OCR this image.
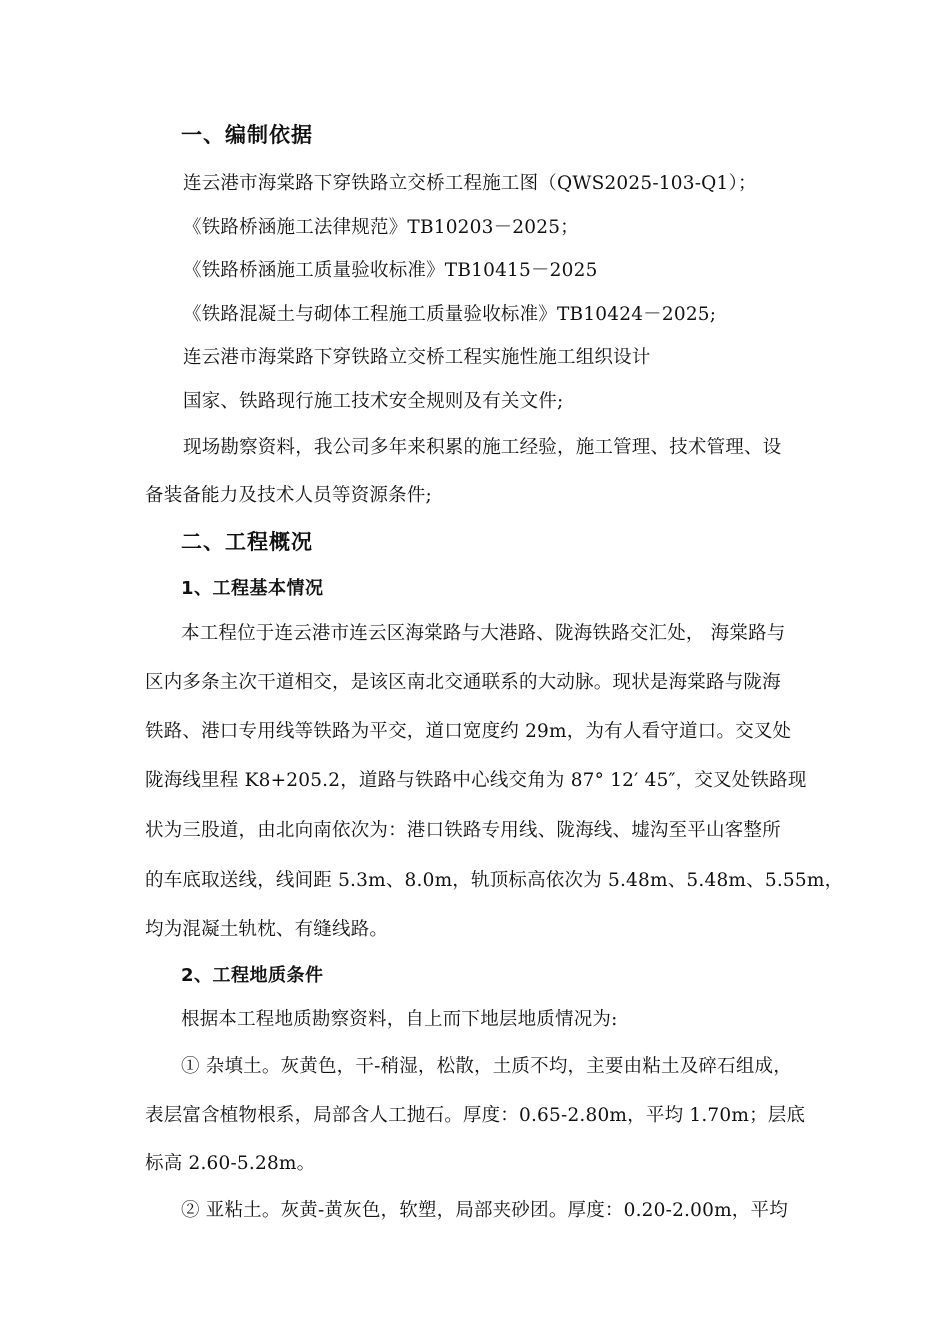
一、编制依据
连云港市海棠路下穿铁路立交桥工程施工图（QWS2025-103-Q1）；
《铁路桥涵施工法律规范》TB10203－2025；
《铁路桥涵施工质量验收标准》TB10415－2025
《铁路混凝土与砌体工程施工质量验收标准》TB10424－2025;
连云港市海棠路下穿铁路立交桥工程实施性施工组织设计
国家、铁路现行施工技术安全规则及有关文件;
现场勘察资料，我公司多年来积累的施工经验，施工管理、技术管理、设
备装备能力及技术人员等资源条件;
二、工程概况
1、工程基本情况
本工程位于连云港市连云区海棠路与大港路、陇海铁路交汇处， 海棠路与
区内多条主次干道相交，是该区南北交通联系的大动脉。现状是海棠路与陇海
铁路、港口专用线等铁路为平交，道口宽度约 29m，为有人看守道口。交叉处
陇海线里程 K8+205.2，道路与铁路中心线交角为 87° 12′ 45″，交叉处铁路现
状为三股道，由北向南依次为：港口铁路专用线、陇海线、墟沟至平山客整所
的车底取送线，线间距 5.3m、8.0m，轨顶标高依次为 5.48m、5.48m、5.55m，
均为混凝土轨枕、有缝线路。
2、工程地质条件
根据本工程地质勘察资料，自上而下地层地质情况为:
① 杂填土。灰黄色，干-稍湿，松散，土质不均，主要由粘土及碎石组成，
表层富含植物根系，局部含人工抛石。厚度：0.65-2.80m，平均 1.70m；层底
标高 2.60-5.28m。
② 亚粘土。灰黄-黄灰色，软塑，局部夹砂团。厚度：0.20-2.00m，平均
